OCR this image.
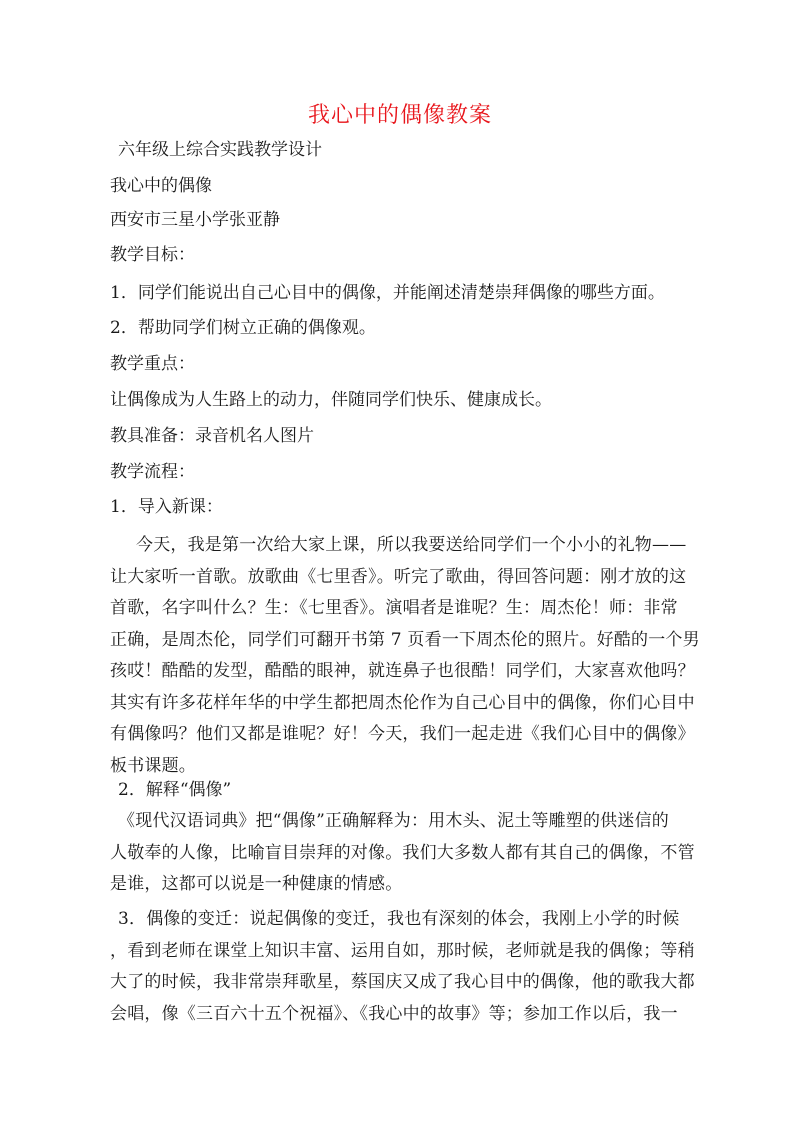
我心中的偶像教案
六年级上综合实践教学设计
我心中的偶像
西安市三星小学张亚静
教学目标：
1．同学们能说出自己心目中的偶像，并能阐述清楚崇拜偶像的哪些方面。
2．帮助同学们树立正确的偶像观。
教学重点：
让偶像成为人生路上的动力，伴随同学们快乐、健康成长。
教具准备：录音机名人图片
教学流程：
1．导入新课：
今天，我是第一次给大家上课，所以我要送给同学们一个小小的礼物——
让大家听一首歌。放歌曲《七里香》。听完了歌曲，得回答问题：刚才放的这
首歌，名字叫什么？生：《七里香》。演唱者是谁呢？生：周杰伦！师：非常
正确，是周杰伦，同学们可翻开书第 7 页看一下周杰伦的照片。好酷的一个男
孩哎！酷酷的发型，酷酷的眼神，就连鼻子也很酷！同学们，大家喜欢他吗？
其实有许多花样年华的中学生都把周杰伦作为自己心目中的偶像，你们心目中
有偶像吗？他们又都是谁呢？好！今天，我们一起走进《我们心目中的偶像》
板书课题。
2．解释“偶像”
《现代汉语词典》把“偶像”正确解释为：用木头、泥土等雕塑的供迷信的
人敬奉的人像，比喻盲目崇拜的对像。我们大多数人都有其自己的偶像，不管
是谁，这都可以说是一种健康的情感。
3．偶像的变迁：说起偶像的变迁，我也有深刻的体会，我刚上小学的时候
，看到老师在课堂上知识丰富、运用自如，那时候，老师就是我的偶像；等稍
大了的时候，我非常崇拜歌星，蔡国庆又成了我心目中的偶像，他的歌我大都
会唱，像《三百六十五个祝福》、《我心中的故事》等；参加工作以后，我一
